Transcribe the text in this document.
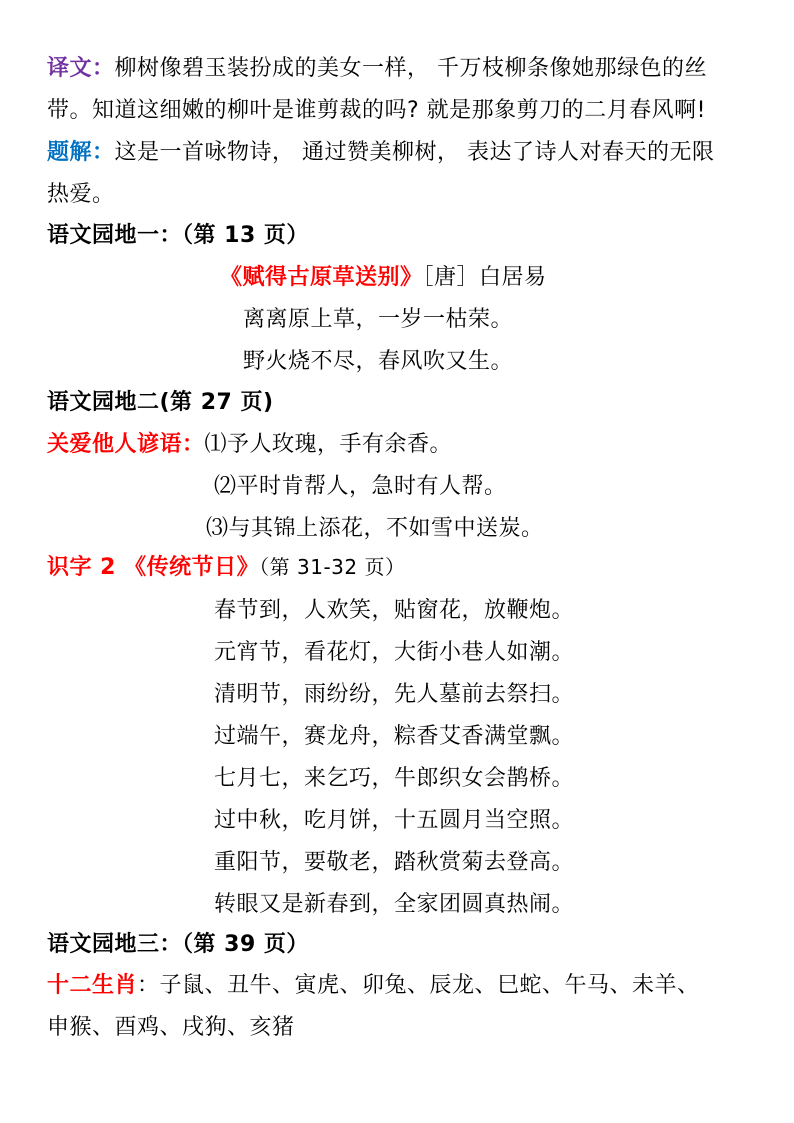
译文：柳树像碧玉装扮成的美女一样， 千万枝柳条像她那绿色的丝
带。知道这细嫩的柳叶是谁剪裁的吗? 就是那象剪刀的二月春风啊!
题解：这是一首咏物诗， 通过赞美柳树， 表达了诗人对春天的无限
热爱。
语文园地一：（第 13 页）
《赋得古原草送别》［唐］白居易
离离原上草，一岁一枯荣。
野火烧不尽，春风吹又生。
语文园地二(第 27 页)
关爱他人谚语：⑴予人玫瑰，手有余香。
⑵平时肯帮人，急时有人帮。
⑶与其锦上添花，不如雪中送炭。
识字 2 《传统节日》（第 31-32 页）
春节到，人欢笑，贴窗花，放鞭炮。
元宵节，看花灯，大街小巷人如潮。
清明节，雨纷纷，先人墓前去祭扫。
过端午，赛龙舟，粽香艾香满堂飘。
七月七，来乞巧，牛郎织女会鹊桥。
过中秋，吃月饼，十五圆月当空照。
重阳节，要敬老，踏秋赏菊去登高。
转眼又是新春到，全家团圆真热闹。
语文园地三：（第 39 页）
十二生肖：子鼠、丑牛、寅虎、卯兔、辰龙、巳蛇、午马、未羊、
申猴、酉鸡、戌狗、亥猪
